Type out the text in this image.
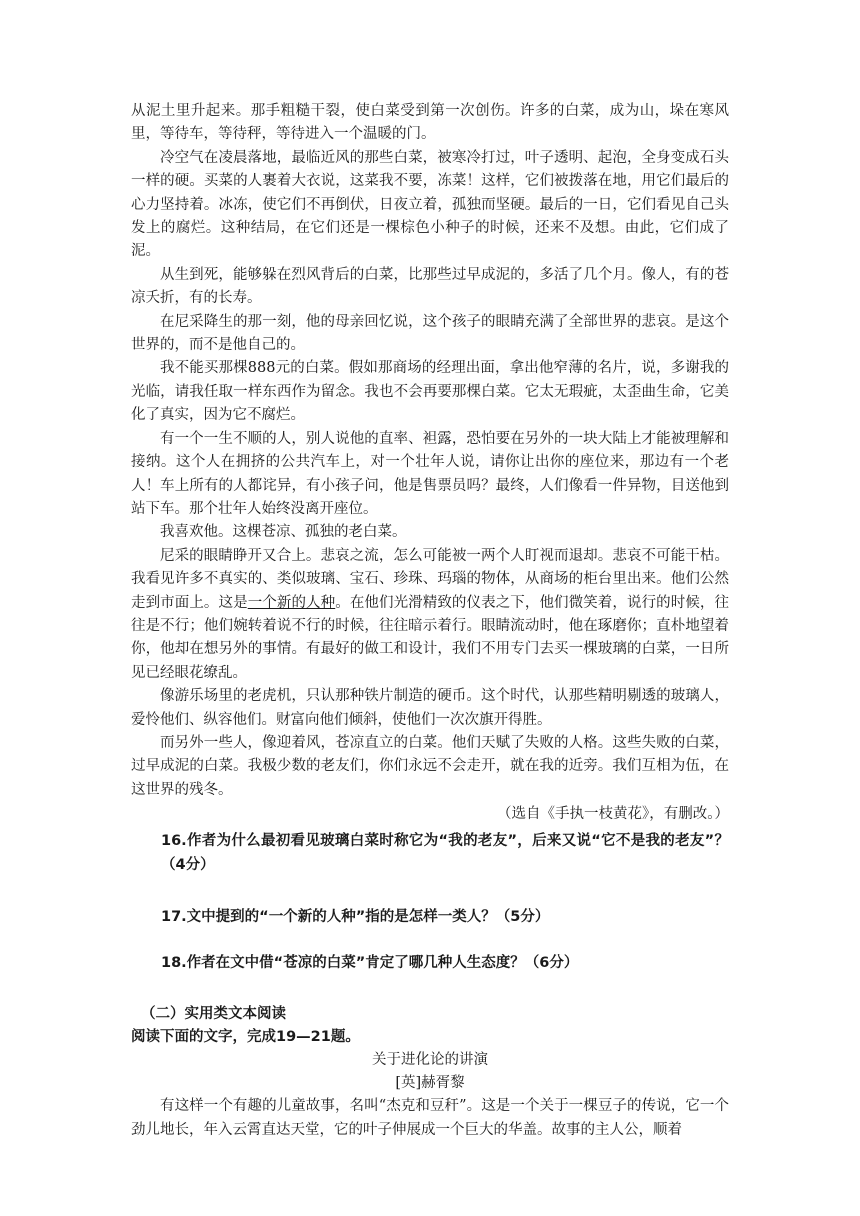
从泥土里升起来。那手粗糙干裂，使白菜受到第一次创伤。许多的白菜，成为山，垛在寒风里，等待车，等待秤，等待进入一个温暖的门。

冷空气在凌晨落地，最临近风的那些白菜，被寒冷打过，叶子透明、起泡，全身变成石头一样的硬。买菜的人裹着大衣说，这菜我不要，冻菜！这样，它们被拨落在地，用它们最后的心力坚持着。冰冻，使它们不再倒伏，日夜立着，孤独而坚硬。最后的一日，它们看见自己头发上的腐烂。这种结局，在它们还是一棵棕色小种子的时候，还来不及想。由此，它们成了泥。

从生到死，能够躲在烈风背后的白菜，比那些过早成泥的，多活了几个月。像人，有的苍凉夭折，有的长寿。

在尼采降生的那一刻，他的母亲回忆说，这个孩子的眼睛充满了全部世界的悲哀。是这个世界的，而不是他自己的。

我不能买那棵888元的白菜。假如那商场的经理出面，拿出他窄薄的名片，说，多谢我的光临，请我任取一样东西作为留念。我也不会再要那棵白菜。它太无瑕疵，太歪曲生命，它美化了真实，因为它不腐烂。

有一个一生不顺的人，别人说他的直率、袒露，恐怕要在另外的一块大陆上才能被理解和接纳。这个人在拥挤的公共汽车上，对一个壮年人说，请你让出你的座位来，那边有一个老人！车上所有的人都诧异，有小孩子问，他是售票员吗？最终，人们像看一件异物，目送他到站下车。那个壮年人始终没离开座位。

我喜欢他。这棵苍凉、孤独的老白菜。

尼采的眼睛睁开又合上。悲哀之流，怎么可能被一两个人盯视而退却。悲哀不可能干枯。我看见许多不真实的、类似玻璃、宝石、珍珠、玛瑙的物体，从商场的柜台里出来。他们公然走到市面上。这是一个新的人种。在他们光滑精致的仪表之下，他们微笑着，说行的时候，往往是不行；他们婉转着说不行的时候，往往暗示着行。眼睛流动时，他在琢磨你；直朴地望着你，他却在想另外的事情。有最好的做工和设计，我们不用专门去买一棵玻璃的白菜，一日所见已经眼花缭乱。

像游乐场里的老虎机，只认那种铁片制造的硬币。这个时代，认那些精明剔透的玻璃人，爱怜他们、纵容他们。财富向他们倾斜，使他们一次次旗开得胜。

而另外一些人，像迎着风，苍凉直立的白菜。他们天赋了失败的人格。这些失败的白菜，过早成泥的白菜。我极少数的老友们，你们永远不会走开，就在我的近旁。我们互相为伍，在这世界的残冬。

（选自《手执一枝黄花》，有删改。）

16.作者为什么最初看见玻璃白菜时称它为“我的老友”，后来又说“它不是我的老友”？（4分）

17.文中提到的“一个新的人种”指的是怎样一类人？（5分）

18.作者在文中借“苍凉的白菜”肯定了哪几种人生态度？（6分）

（二）实用类文本阅读

阅读下面的文字，完成19—21题。

关于进化论的讲演

[英]赫胥黎

有这样一个有趣的儿童故事，名叫“杰克和豆秆”。这是一个关于一棵豆子的传说，它一个劲儿地长，年入云霄直达天堂，它的叶子伸展成一个巨大的华盖。故事的主人公，顺着
